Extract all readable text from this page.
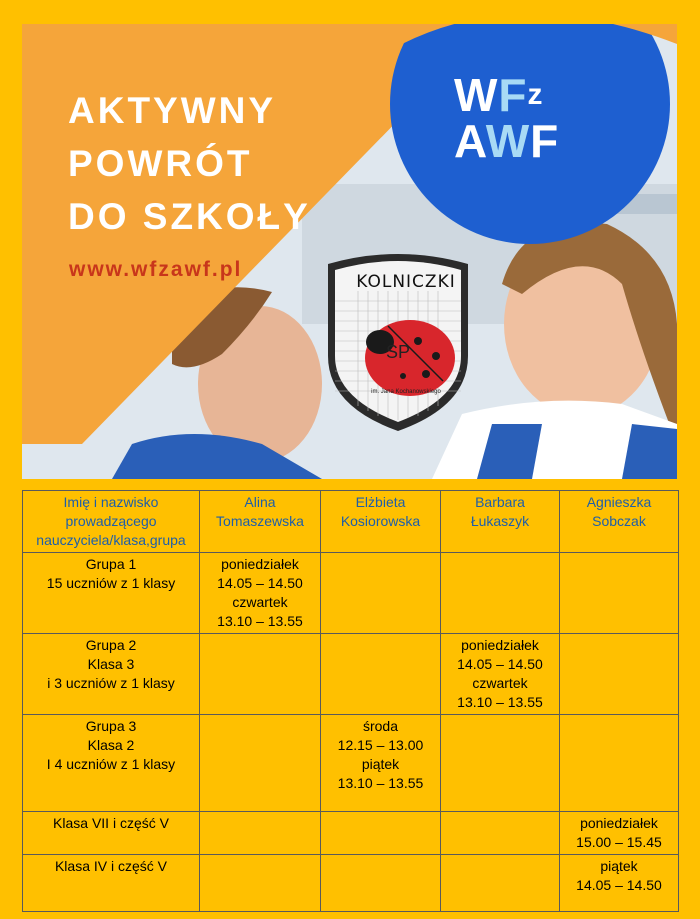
AKTYWNY
POWRÓT
DO SZKOŁY
www.wfzawf.pl
$WF^z$
AWF
KOLNICZKI
SP
im. Jana Kochanowskiego
Imię i nazwisko prowadzącego nauczyciela/klasa,grupa	Alina Tomaszewska	Elżbieta Kosiorowska	Barbara Łukaszyk	Agnieszka Sobczak

Grupa 1
15 uczniów z 1 klasy	poniedziałek
14.05 – 14.50
czwartek
13.10 – 13.55			

Grupa 2
Klasa 3
i 3 uczniów z 1 klasy			poniedziałek
14.05 – 14.50
czwartek
13.10 – 13.55	

Grupa 3
Klasa 2
I 4 uczniów z 1 klasy		środa
12.15 – 13.00
piątek
13.10 – 13.55		

Klasa VII i część V				poniedziałek
15.00 – 15.45

Klasa IV i część V				piątek
14.05 – 14.50
